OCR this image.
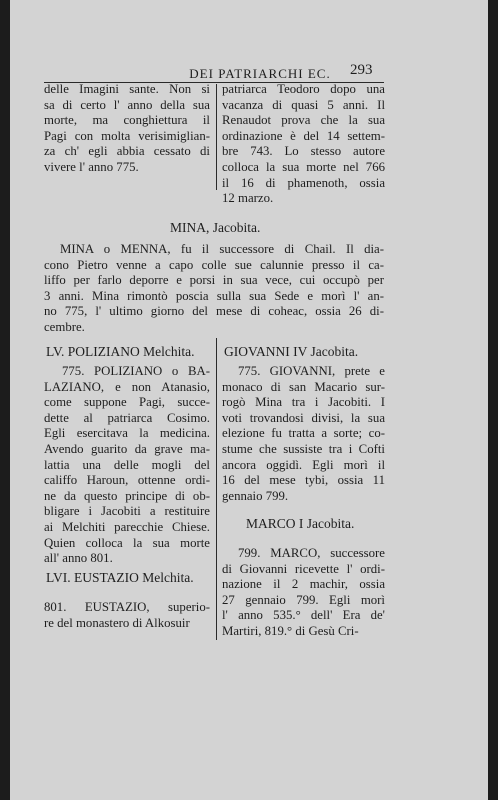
DEI PATRIARCHI EC.	293
delle Imagini sante. Non si
sa di certo l' anno della sua
morte, ma conghiettura il
Pagi con molta verisimiglian-
za ch' egli abbia cessato di
vivere l' anno 775.
patriarca Teodoro dopo una
vacanza di quasi 5 anni. Il
Renaudot prova che la sua
ordinazione è del 14 settem-
bre 743. Lo stesso autore
colloca la sua morte nel 766
il 16 di phamenoth, ossia
12 marzo.
MINA, Jacobita.
MINA o MENNA, fu il successore di Chail. Il dia-
cono Pietro venne a capo colle sue calunnie presso il ca-
liffo per farlo deporre e porsi in sua vece, cui occupò per
3 anni. Mina rimontò poscia sulla sua Sede e morì l' an-
no 775, l' ultimo giorno del mese di coheac, ossia 26 di-
cembre.
LV. POLIZIANO Melchita.
775. POLIZIANO o BA-
LAZIANO, e non Atanasio,
come suppone Pagi, succe-
dette al patriarca Cosimo.
Egli esercitava la medicina.
Avendo guarito da grave ma-
lattia una delle mogli del
califfo Haroun, ottenne ordi-
ne da questo principe di ob-
bligare i Jacobiti a restituire
ai Melchiti parecchie Chiese.
Quien colloca la sua morte
all' anno 801.
LVI. EUSTAZIO Melchita.
801. EUSTAZIO, superio-
re del monastero di Alkosuir
GIOVANNI IV Jacobita.
775. GIOVANNI, prete e
monaco di san Macario sur-
rogò Mina tra i Jacobiti. I
voti trovandosi divisi, la sua
elezione fu tratta a sorte; co-
stume che sussiste tra i Cofti
ancora oggidì. Egli morì il
16 del mese tybi, ossia 11
gennaio 799.
MARCO I Jacobita.
799. MARCO, successore
di Giovanni ricevette l' ordi-
nazione il 2 machir, ossia
27 gennaio 799. Egli morì
l' anno 535.° dell' Era de'
Martiri, 819.° di Gesù Cri-
